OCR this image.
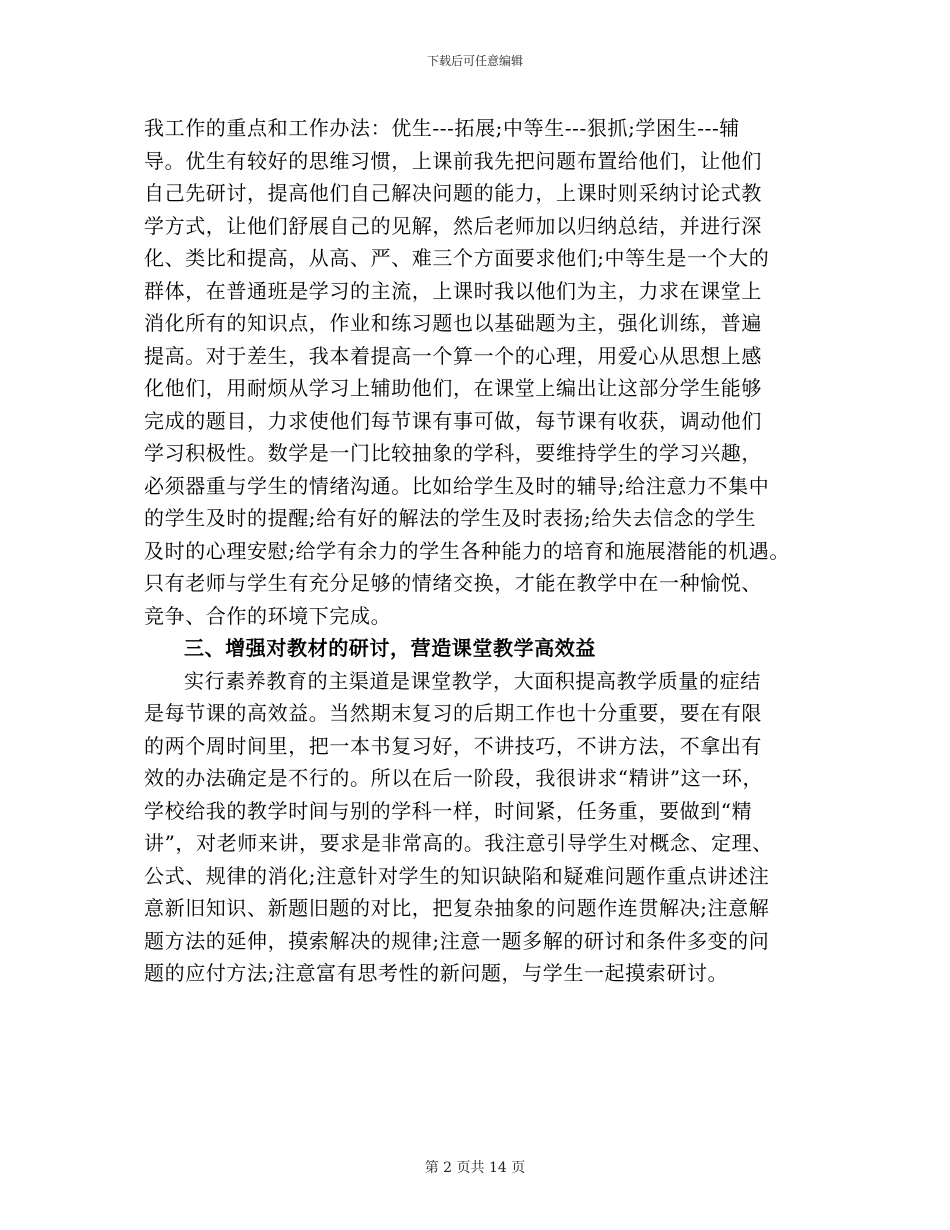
下载后可任意编辑
我工作的重点和工作办法：优生---拓展;中等生---狠抓;学困生---辅
导。优生有较好的思维习惯，上课前我先把问题布置给他们，让他们
自己先研讨，提高他们自己解决问题的能力，上课时则采纳讨论式教
学方式，让他们舒展自己的见解，然后老师加以归纳总结，并进行深
化、类比和提高，从高、严、难三个方面要求他们;中等生是一个大的
群体，在普通班是学习的主流，上课时我以他们为主，力求在课堂上
消化所有的知识点，作业和练习题也以基础题为主，强化训练，普遍
提高。对于差生，我本着提高一个算一个的心理，用爱心从思想上感
化他们，用耐烦从学习上辅助他们，在课堂上编出让这部分学生能够
完成的题目，力求使他们每节课有事可做，每节课有收获，调动他们
学习积极性。数学是一门比较抽象的学科，要维持学生的学习兴趣，
必须器重与学生的情绪沟通。比如给学生及时的辅导;给注意力不集中
的学生及时的提醒;给有好的解法的学生及时表扬;给失去信念的学生
及时的心理安慰;给学有余力的学生各种能力的培育和施展潜能的机遇。
只有老师与学生有充分足够的情绪交换，才能在教学中在一种愉悦、
竞争、合作的环境下完成。
三、增强对教材的研讨，营造课堂教学高效益
实行素养教育的主渠道是课堂教学，大面积提高教学质量的症结
是每节课的高效益。当然期末复习的后期工作也十分重要，要在有限
的两个周时间里，把一本书复习好，不讲技巧，不讲方法，不拿出有
效的办法确定是不行的。所以在后一阶段，我很讲求“精讲”这一环，
学校给我的教学时间与别的学科一样，时间紧，任务重，要做到“精
讲”，对老师来讲，要求是非常高的。我注意引导学生对概念、定理、
公式、规律的消化;注意针对学生的知识缺陷和疑难问题作重点讲述注
意新旧知识、新题旧题的对比，把复杂抽象的问题作连贯解决;注意解
题方法的延伸，摸索解决的规律;注意一题多解的研讨和条件多变的问
题的应付方法;注意富有思考性的新问题，与学生一起摸索研讨。
第 2 页共 14 页
